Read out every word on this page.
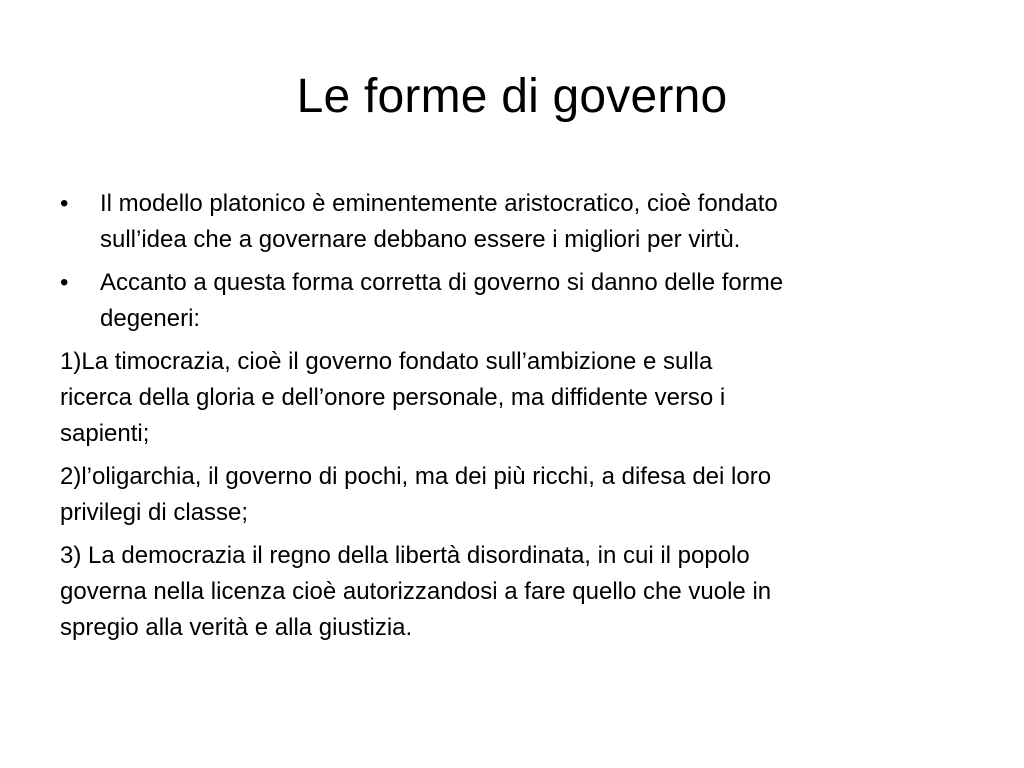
Le forme di governo
•	Il modello platonico è eminentemente aristocratico, cioè fondato
sull’idea che a governare debbano essere i migliori per virtù.
•	Accanto a questa forma corretta di governo si danno delle forme
degeneri:
1)La timocrazia, cioè il governo fondato sull’ambizione e sulla
ricerca della gloria e dell’onore personale, ma diffidente verso i
sapienti;
2)l’oligarchia, il governo di pochi, ma dei più ricchi, a difesa dei loro
privilegi di classe;
3) La democrazia il regno della libertà disordinata, in cui il popolo
governa nella licenza cioè autorizzandosi a fare quello che vuole in
spregio alla verità e alla giustizia.
